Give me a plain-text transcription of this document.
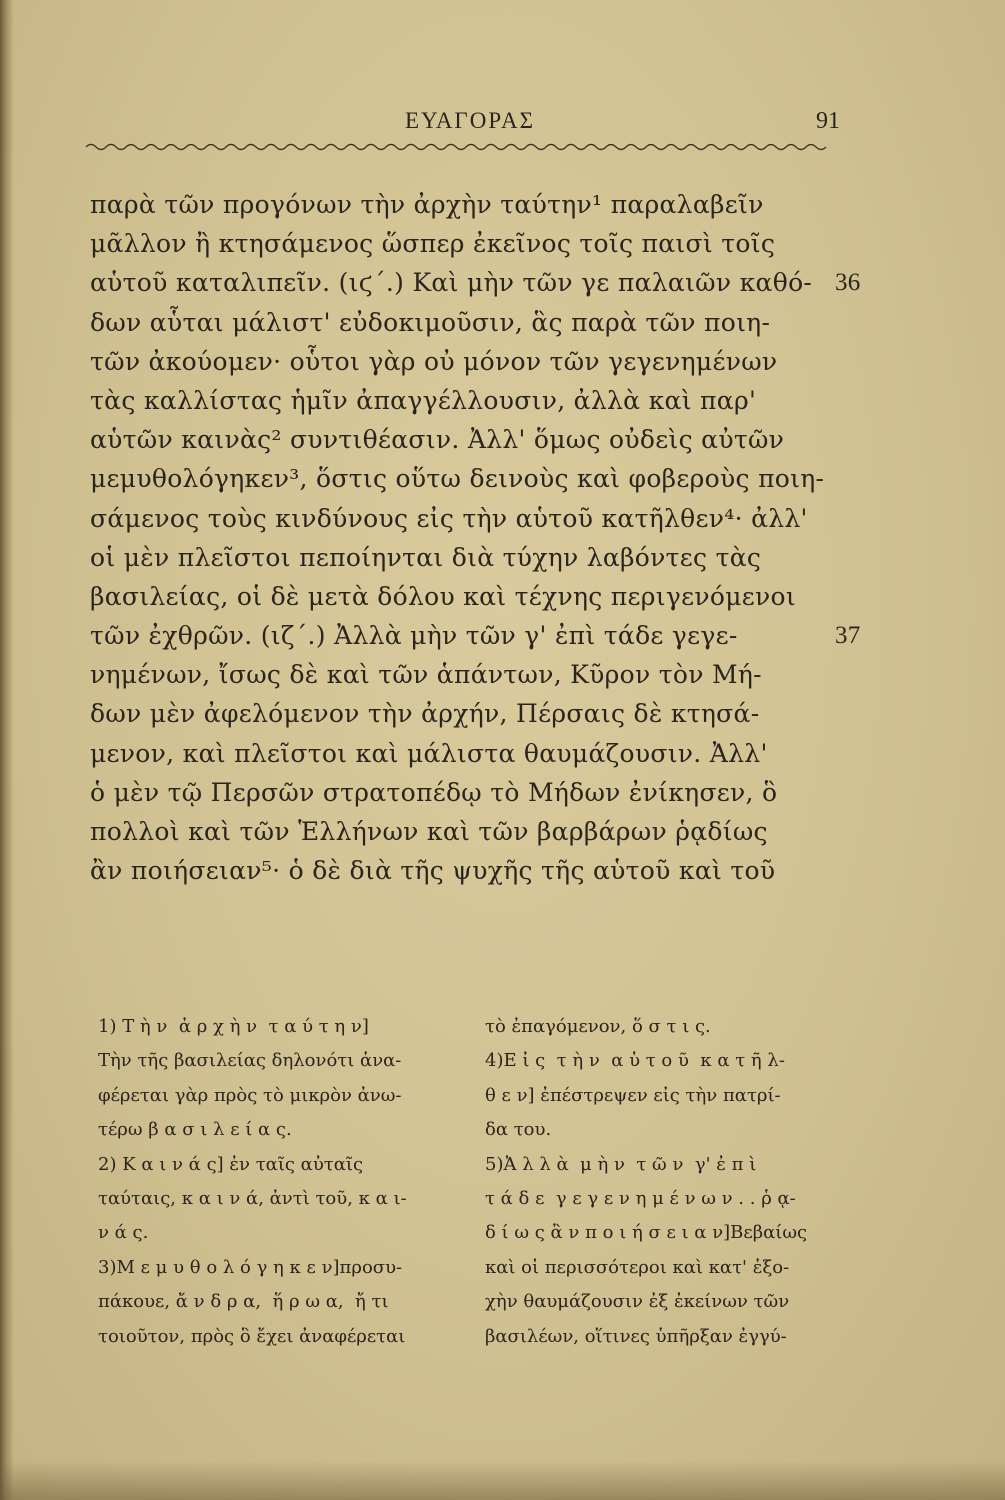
ΕΥΑΓΟΡΑΣ	91
παρὰ τῶν προγόνων τὴν ἀρχὴν ταύτην¹ παραλαβεῖν
μᾶλλον ἢ κτησάμενος ὥσπερ ἐκεῖνος τοῖς παισὶ τοῖς
αὑτοῦ καταλιπεῖν. (ιϛ΄.) Καὶ μὴν τῶν γε παλαιῶν καθό- 36
δων αὗται μάλιστ' εὐδοκιμοῦσιν, ἃς παρὰ τῶν ποιη-
τῶν ἀκούομεν· οὗτοι γὰρ οὐ μόνον τῶν γεγενημένων
τὰς καλλίστας ἡμῖν ἀπαγγέλλουσιν, ἀλλὰ καὶ παρ'
αὑτῶν καινὰς² συντιθέασιν. Ἀλλ' ὅμως οὐδεὶς αὐτῶν
μεμυθολόγηκεν³, ὅστις οὕτω δεινοὺς καὶ φοβεροὺς ποιη-
σάμενος τοὺς κινδύνους εἰς τὴν αὑτοῦ κατῆλθεν⁴· ἀλλ'
οἱ μὲν πλεῖστοι πεποίηνται διὰ τύχην λαβόντες τὰς
βασιλείας, οἱ δὲ μετὰ δόλου καὶ τέχνης περιγενόμενοι
τῶν ἐχθρῶν. (ιζ΄.) Ἀλλὰ μὴν τῶν γ' ἐπὶ τάδε γεγε-	37
νημένων, ἴσως δὲ καὶ τῶν ἁπάντων, Κῦρον τὸν Μή-
δων μὲν ἀφελόμενον τὴν ἀρχήν, Πέρσαις δὲ κτησά-
μενον, καὶ πλεῖστοι καὶ μάλιστα θαυμάζουσιν. Ἀλλ'
ὁ μὲν τῷ Περσῶν στρατοπέδῳ τὸ Μήδων ἐνίκησεν, ὃ
πολλοὶ καὶ τῶν Ἑλλήνων καὶ τῶν βαρβάρων ῥᾳδίως
ἂν ποιήσειαν⁵· ὁ δὲ διὰ τῆς ψυχῆς τῆς αὑτοῦ καὶ τοῦ
1) Τ ὴ ν  ἀ ρ χ ὴ ν  τ α ύ τ η ν]
Τὴν τῆς βασιλείας δηλονότι ἀνα-
φέρεται γὰρ πρὸς τὸ μικρὸν ἀνω-
τέρω β α σ ι λ ε ί α ς.
2) Κ α ι ν ά ς] ἐν ταῖς αὐταῖς
ταύταις, κ α ι ν ά, ἀντὶ τοῦ, κ α ι-
ν ά ς.
3)Μ ε μ υ θ ο λ ό γ η κ ε ν]προσυ-
πάκουε, ἄ ν δ ρ α,  ἥ ρ ω α,  ἤ τι
τοιοῦτον, πρὸς ὃ ἔχει ἀναφέρεται
τὸ ἐπαγόμενον, ὅ σ τ ι ς.
4)Ε ἰ ς  τ ὴ ν  α ὑ τ ο ῦ  κ α τ ῆ λ-
θ ε ν] ἐπέστρεψεν εἰς τὴν πατρί-
δα του.
5)Ἀ λ λ ὰ  μ ὴ ν  τ ῶ ν  γ' ἐ π ὶ
τ ά δ ε  γ ε γ ε ν η μ έ ν ω ν . . ῥ ᾳ-
δ ί ω ς ἂ ν π ο ι ή σ ε ι α ν]Βεβαίως
καὶ οἱ περισσότεροι καὶ κατ' ἐξο-
χὴν θαυμάζουσιν ἐξ ἐκείνων τῶν
βασιλέων, οἵτινες ὑπῆρξαν ἐγγύ-
